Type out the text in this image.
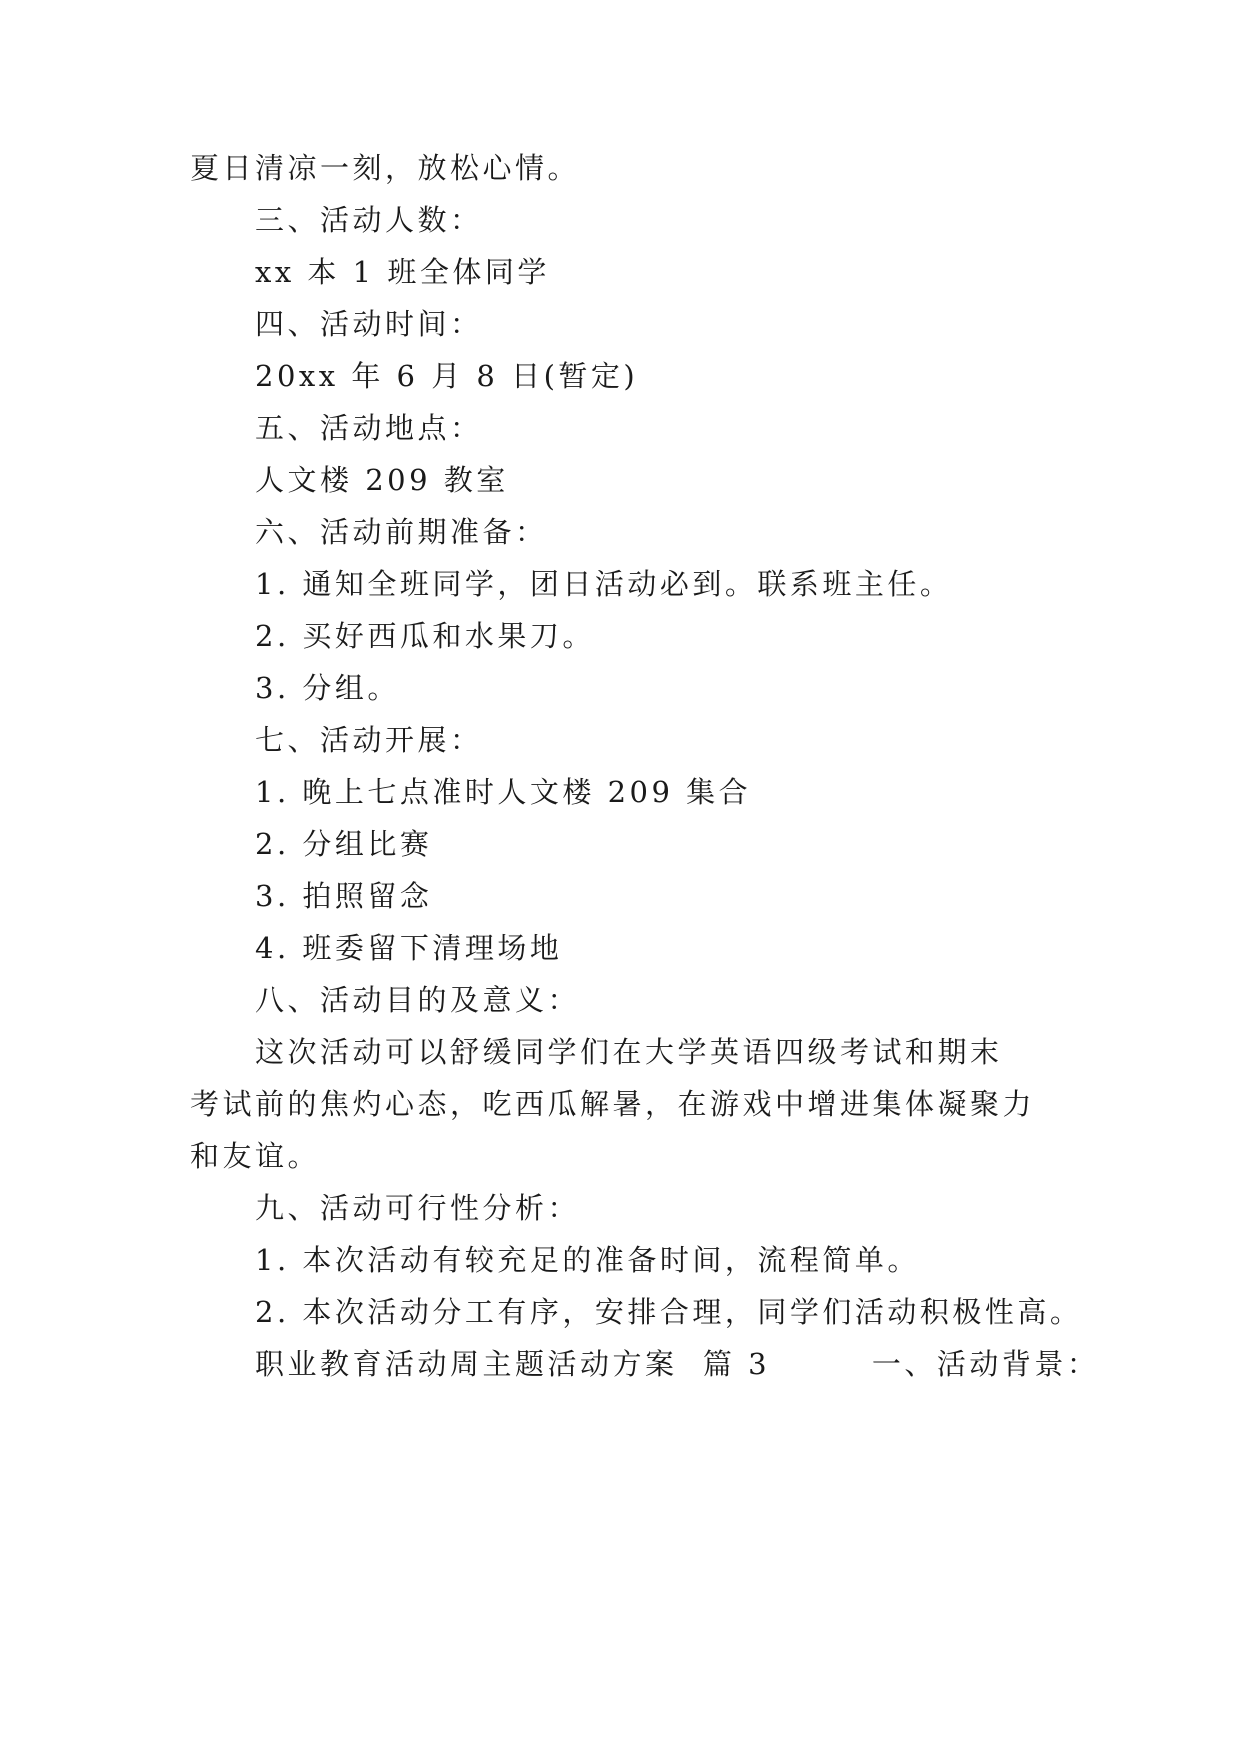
夏日清凉一刻，放松心情。

三、活动人数：

xx 本 1 班全体同学

四、活动时间：

20xx 年 6 月 8 日(暂定)

五、活动地点：

人文楼 209 教室

六、活动前期准备：

1. 通知全班同学，团日活动必到。联系班主任。

2. 买好西瓜和水果刀。

3. 分组。

七、活动开展：

1. 晚上七点准时人文楼 209 集合

2. 分组比赛

3. 拍照留念

4. 班委留下清理场地

八、活动目的及意义：

这次活动可以舒缓同学们在大学英语四级考试和期末

考试前的焦灼心态，吃西瓜解暑，在游戏中增进集体凝聚力

和友谊。

九、活动可行性分析：

1. 本次活动有较充足的准备时间，流程简单。

2. 本次活动分工有序，安排合理，同学们活动积极性高。

职业教育活动周主题活动方案  篇 3        一、活动背景：
